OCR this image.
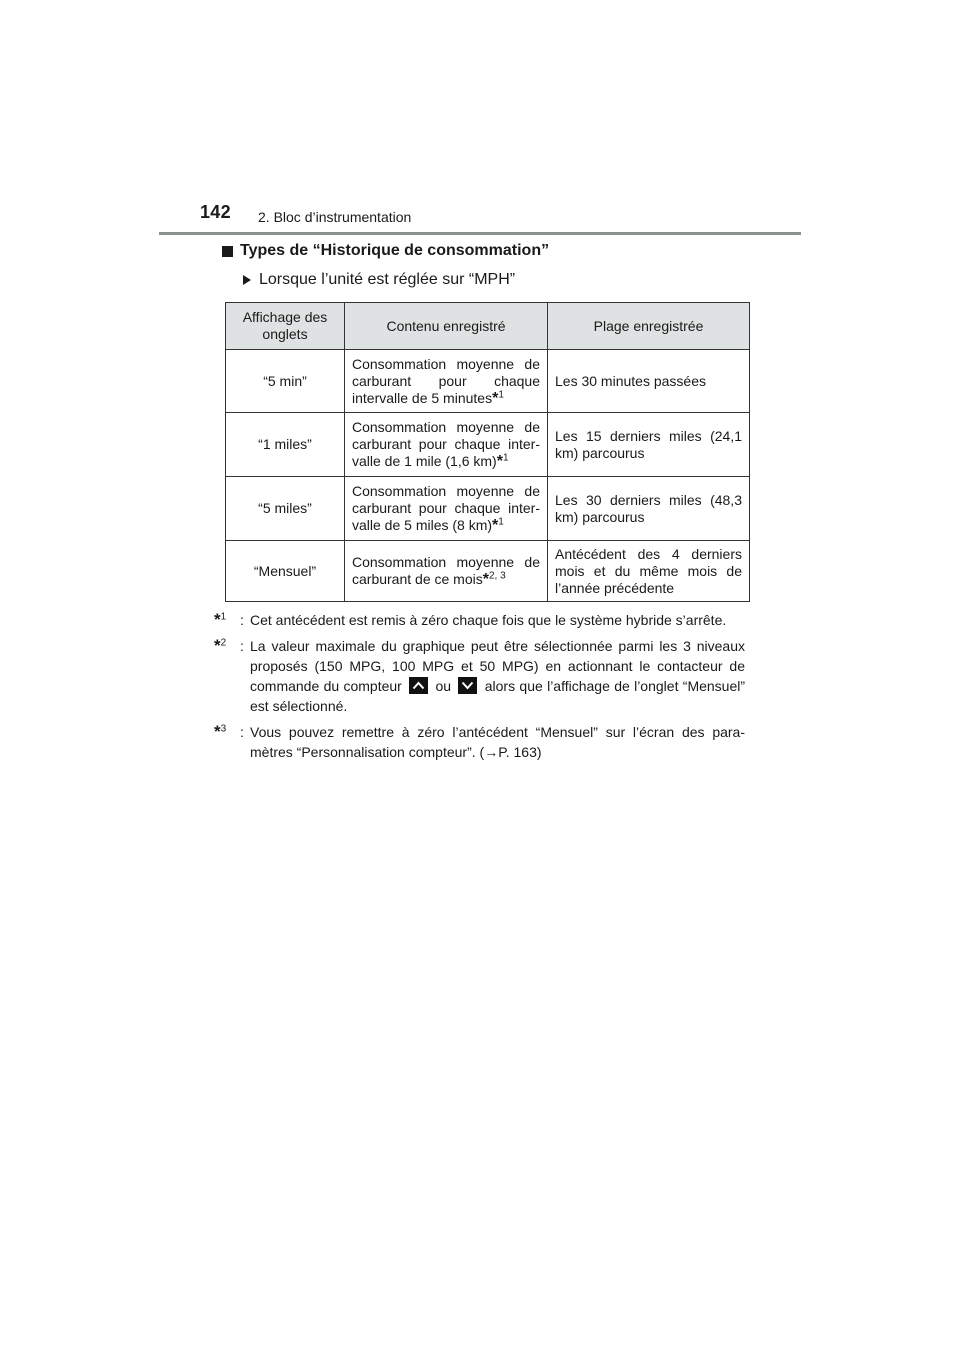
142 2. Bloc d’instrumentation
Types de “Historique de consommation”
Lorsque l’unité est réglée sur “MPH”
Affichage des onglets	Contenu enregistré	Plage enregistrée
“5 min”	Consommation moyenne de carburant pour chaque intervalle de 5 minutes*$^1$	Les 30 minutes passées

“1 miles”	Consommation moyenne de carburant pour chaque inter-valle de 1 mile (1,6 km)*$^1$	Les 15 derniers miles (24,1 km) parcourus

“5 miles”	Consommation moyenne de carburant pour chaque inter-valle de 5 miles (8 km)*$^1$	Les 30 derniers miles (48,3 km) parcourus

“Mensuel”	Consommation moyenne de carburant de ce mois*$^{2, 3}$	Antécédent des 4 derniers mois et du même mois de l’année précédente
*$^1$ : Cet antécédent est remis à zéro chaque fois que le système hybride s’arrête.
*$^2$ : La valeur maximale du graphique peut être sélectionnée parmi les 3 niveaux proposés (150 MPG, 100 MPG et 50 MPG) en actionnant le contacteur de commande du compteur ou alors que l’affichage de l’onglet “Mensuel” est sélectionné.
*$^3$ : Vous pouvez remettre à zéro l’antécédent “Mensuel” sur l’écran des para-mètres “Personnalisation compteur”. (→P. 163)
